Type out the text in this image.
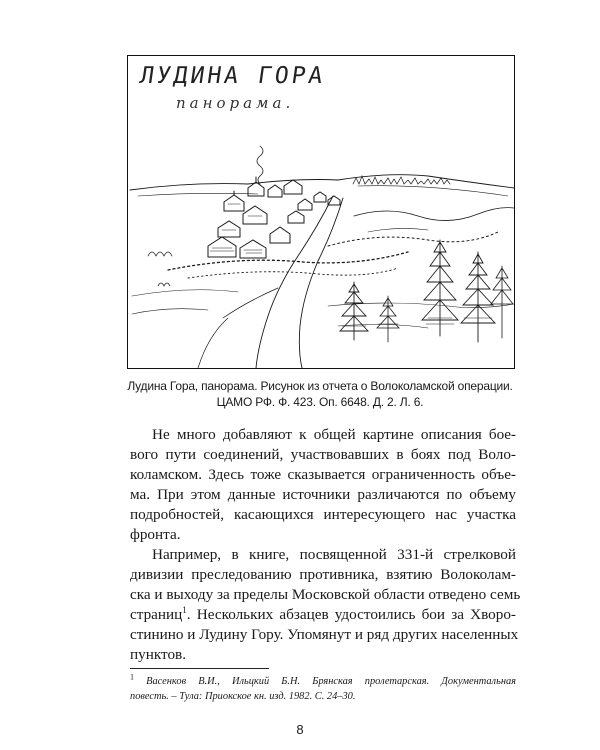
ЛУДИНА ГОРА
панорама.
Лудина Гора, панорама. Рисунок из отчета о Волоколамской операции.
ЦАМО РФ. Ф. 423. Оп. 6648. Д. 2. Л. 6.

Не много добавляют к общей картине описания боe-

вого пути соединений, участвовавших в боях под Воло-

коламском. Здесь тоже сказывается ограниченность объе-

ма. При этом данные источники различаются по объему

подробностей, касающихся интересующего нас участка

фронта.

Например, в книге, посвященной 331-й стрелковой

дивизии преследованию противника, взятию Волоколам-

ска и выходу за пределы Московской области отведено семь

страниц$^1$. Нескольких абзацев удостоились бои за Хворо-

стинино и Лудину Гору. Упомянут и ряд других населенных

пунктов.

$^1$ Васенков В.И., Ильцкий Б.Н. Брянская пролетарская. Документальная

повесть. – Тула: Приокское кн. изд. 1982. С. 24–30.

8
